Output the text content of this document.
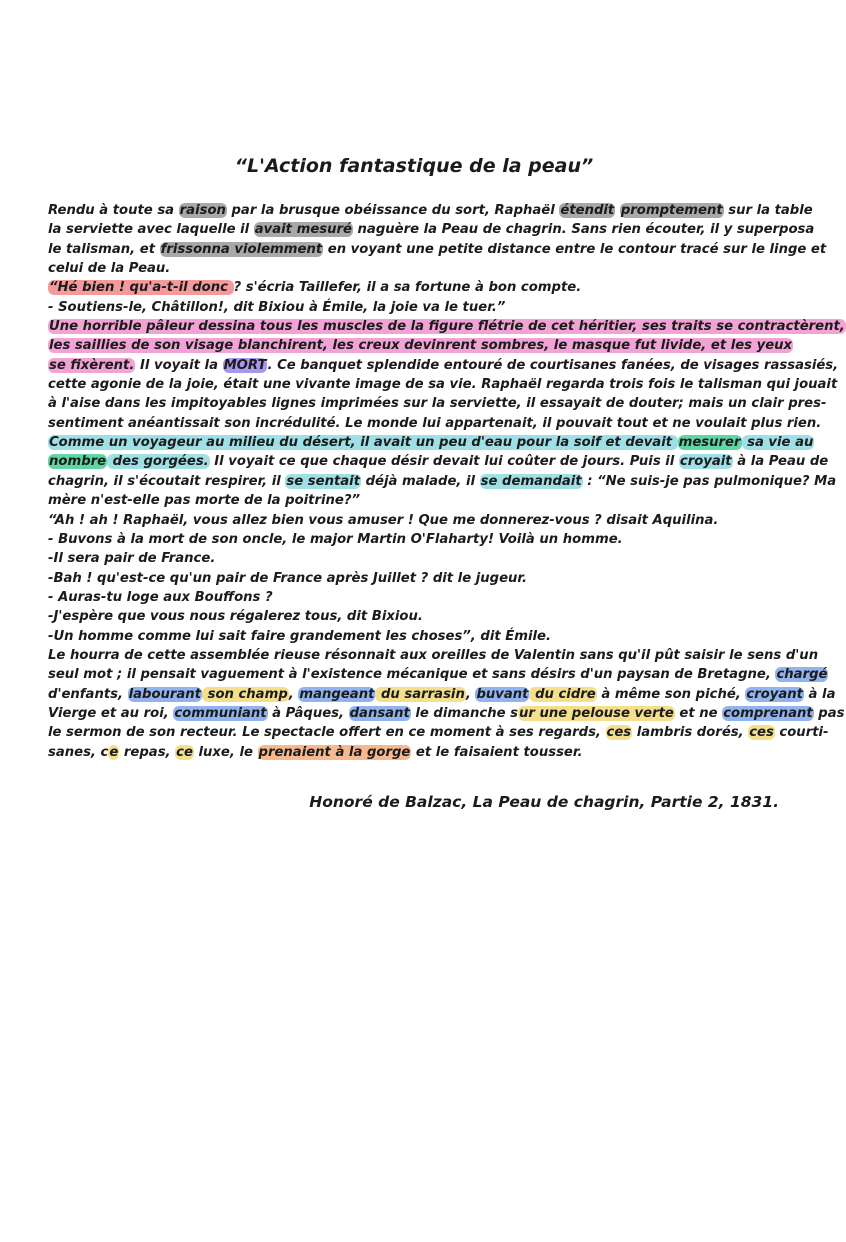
“L'Action fantastique de la peau”
Rendu à toute sa raison par la brusque obéissance du sort, Raphaël étendit promptement sur la table
la serviette avec laquelle il avait mesuré naguère la Peau de chagrin. Sans rien écouter, il y superposa
le talisman, et frissonna violemment en voyant une petite distance entre le contour tracé sur le linge et
celui de la Peau.
“Hé bien ! qu'a-t-il donc ? s'écria Taillefer, il a sa fortune à bon compte.
- Soutiens-le, Châtillon!, dit Bixiou à Émile, la joie va le tuer.”
Une horrible pâleur dessina tous les muscles de la figure flétrie de cet héritier, ses traits se contractèrent,
les saillies de son visage blanchirent, les creux devinrent sombres, le masque fut livide, et les yeux
se fixèrent. Il voyait la MORT. Ce banquet splendide entouré de courtisanes fanées, de visages rassasiés,
cette agonie de la joie, était une vivante image de sa vie. Raphaël regarda trois fois le talisman qui jouait
à l'aise dans les impitoyables lignes imprimées sur la serviette, il essayait de douter; mais un clair pres-
sentiment anéantissait son incrédulité. Le monde lui appartenait, il pouvait tout et ne voulait plus rien.
Comme un voyageur au milieu du désert, il avait un peu d'eau pour la soif et devait mesurer sa vie au
nombre des gorgées. Il voyait ce que chaque désir devait lui coûter de jours. Puis il croyait à la Peau de
chagrin, il s'écoutait respirer, il se sentait déjà malade, il se demandait : “Ne suis-je pas pulmonique? Ma
mère n'est-elle pas morte de la poitrine?”
“Ah ! ah ! Raphaël, vous allez bien vous amuser ! Que me donnerez-vous ? disait Aquilina.
- Buvons à la mort de son oncle, le major Martin O'Flaharty! Voilà un homme.
-Il sera pair de France.
-Bah ! qu'est-ce qu'un pair de France après Juillet ? dit le jugeur.
- Auras-tu loge aux Bouffons ?
-J'espère que vous nous régalerez tous, dit Bixiou.
-Un homme comme lui sait faire grandement les choses”, dit Émile.
Le hourra de cette assemblée rieuse résonnait aux oreilles de Valentin sans qu'il pût saisir le sens d'un
seul mot ; il pensait vaguement à l'existence mécanique et sans désirs d'un paysan de Bretagne, chargé
d'enfants, labourant son champ, mangeant du sarrasin, buvant du cidre à même son piché, croyant à la
Vierge et au roi, communiant à Pâques, dansant le dimanche sur une pelouse verte et ne comprenant pas
le sermon de son recteur. Le spectacle offert en ce moment à ses regards, ces lambris dorés, ces courti-
sanes, ce repas, ce luxe, le prenaient à la gorge et le faisaient tousser.
Honoré de Balzac, La Peau de chagrin, Partie 2, 1831.
